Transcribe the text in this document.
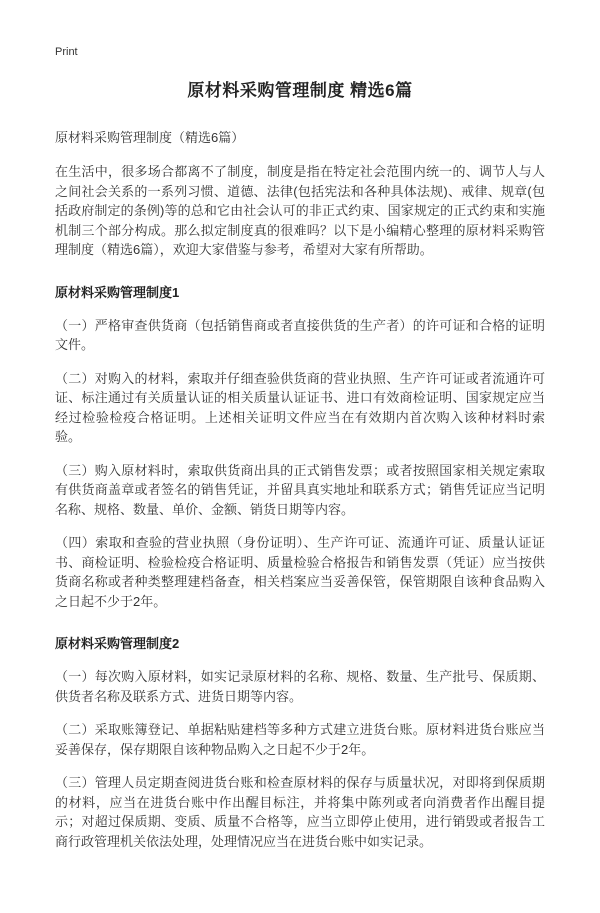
Print
原材料采购管理制度 精选6篇

原材料采购管理制度（精选6篇）

在生活中，很多场合都离不了制度，制度是指在特定社会范围内统一的、调节人与人之间社会关系的一系列习惯、道德、法律(包括宪法和各种具体法规)、戒律、规章(包括政府制定的条例)等的总和它由社会认可的非正式约束、国家规定的正式约束和实施机制三个部分构成。那么拟定制度真的很难吗？以下是小编精心整理的原材料采购管理制度（精选6篇），欢迎大家借鉴与参考，希望对大家有所帮助。

原材料采购管理制度1

（一）严格审查供货商（包括销售商或者直接供货的生产者）的许可证和合格的证明文件。

（二）对购入的材料，索取并仔细查验供货商的营业执照、生产许可证或者流通许可证、标注通过有关质量认证的相关质量认证证书、进口有效商检证明、国家规定应当经过检验检疫合格证明。上述相关证明文件应当在有效期内首次购入该种材料时索验。

（三）购入原材料时，索取供货商出具的正式销售发票；或者按照国家相关规定索取有供货商盖章或者签名的销售凭证，并留具真实地址和联系方式；销售凭证应当记明名称、规格、数量、单价、金额、销货日期等内容。

（四）索取和查验的营业执照（身份证明）、生产许可证、流通许可证、质量认证证书、商检证明、检验检疫合格证明、质量检验合格报告和销售发票（凭证）应当按供货商名称或者种类整理建档备查，相关档案应当妥善保管，保管期限自该种食品购入之日起不少于2年。

原材料采购管理制度2

（一）每次购入原材料，如实记录原材料的名称、规格、数量、生产批号、保质期、供货者名称及联系方式、进货日期等内容。

（二）采取账簿登记、单据粘贴建档等多种方式建立进货台账。原材料进货台账应当妥善保存，保存期限自该种物品购入之日起不少于2年。

（三）管理人员定期查阅进货台账和检查原材料的保存与质量状况，对即将到保质期的材料，应当在进货台账中作出醒目标注，并将集中陈列或者向消费者作出醒目提示；对超过保质期、变质、质量不合格等，应当立即停止使用，进行销毁或者报告工商行政管理机关依法处理，处理情况应当在进货台账中如实记录。
